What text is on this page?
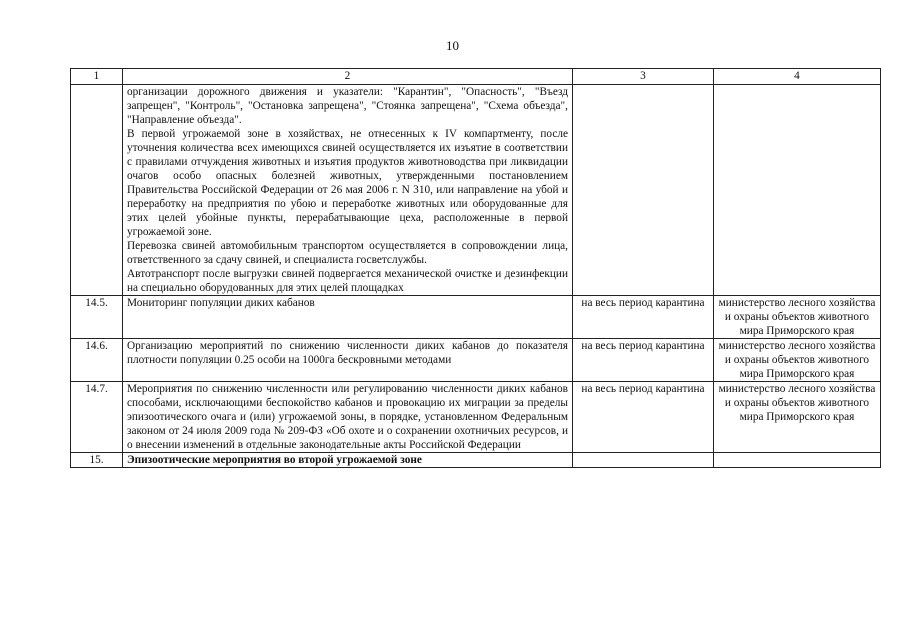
10
1	2	3	4

	организации дорожного движения и указатели: "Карантин", "Опасность", "Въезд запрещен", "Контроль", "Остановка запрещена", "Стоянка запрещена", "Схема объезда", "Направление объезда".

В первой угрожаемой зоне в хозяйствах, не отнесенных к IV компартменту, после уточнения количества всех имеющихся свиней осуществляется их изъятие в соответствии с правилами отчуждения животных и изъятия продуктов животноводства при ликвидации очагов особо опасных болезней животных, утвержденными постановлением Правительства Российской Федерации от 26 мая 2006 г. N 310, или направление на убой и переработку на предприятия по убою и переработке животных или оборудованные для этих целей убойные пункты, перерабатывающие цеха, расположенные в первой угрожаемой зоне.

Перевозка свиней автомобильным транспортом осуществляется в сопровождении лица, ответственного за сдачу свиней, и специалиста госветслужбы.

Автотранспорт после выгрузки свиней подвергается механической очистке и дезинфекции на специально оборудованных для этих целей площадках		

14.5.	Мониторинг популяции диких кабанов	на весь период карантина	министерство лесного хозяйства и охраны объектов животного мира Приморского края
14.6.	Организацию мероприятий по снижению численности диких кабанов до показателя плотности популяции 0.25 особи на 1000га бескровными методами	на весь период карантина	министерство лесного хозяйства и охраны объектов животного мира Приморского края
14.7.	Мероприятия по снижению численности или регулированию численности диких кабанов способами, исключающими беспокойство кабанов и провокацию их миграции за пределы эпизоотического очага и (или) угрожаемой зоны, в порядке, установленном Федеральным законом от 24 июля 2009 года № 209-ФЗ «Об охоте и о сохранении охотничьих ресурсов, и о внесении изменений в отдельные законодательные акты Российской Федерации	на весь период карантина	министерство лесного хозяйства и охраны объектов животного мира Приморского края
15.	Эпизоотические мероприятия во второй угрожаемой зоне		
